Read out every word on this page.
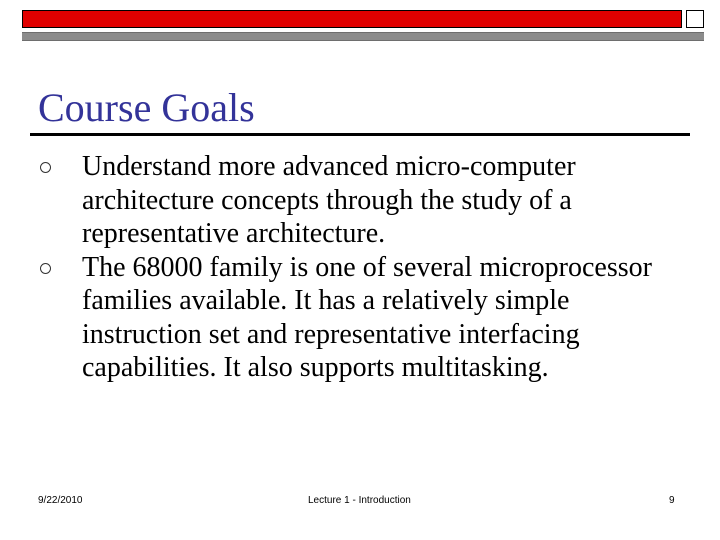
Course Goals
Understand more advanced micro-computer architecture concepts through the study of a representative architecture.
The 68000 family is one of several microprocessor families available. It has a relatively simple instruction set and representative interfacing capabilities. It also supports multitasking.
9/22/2010	Lecture 1 - Introduction	9
